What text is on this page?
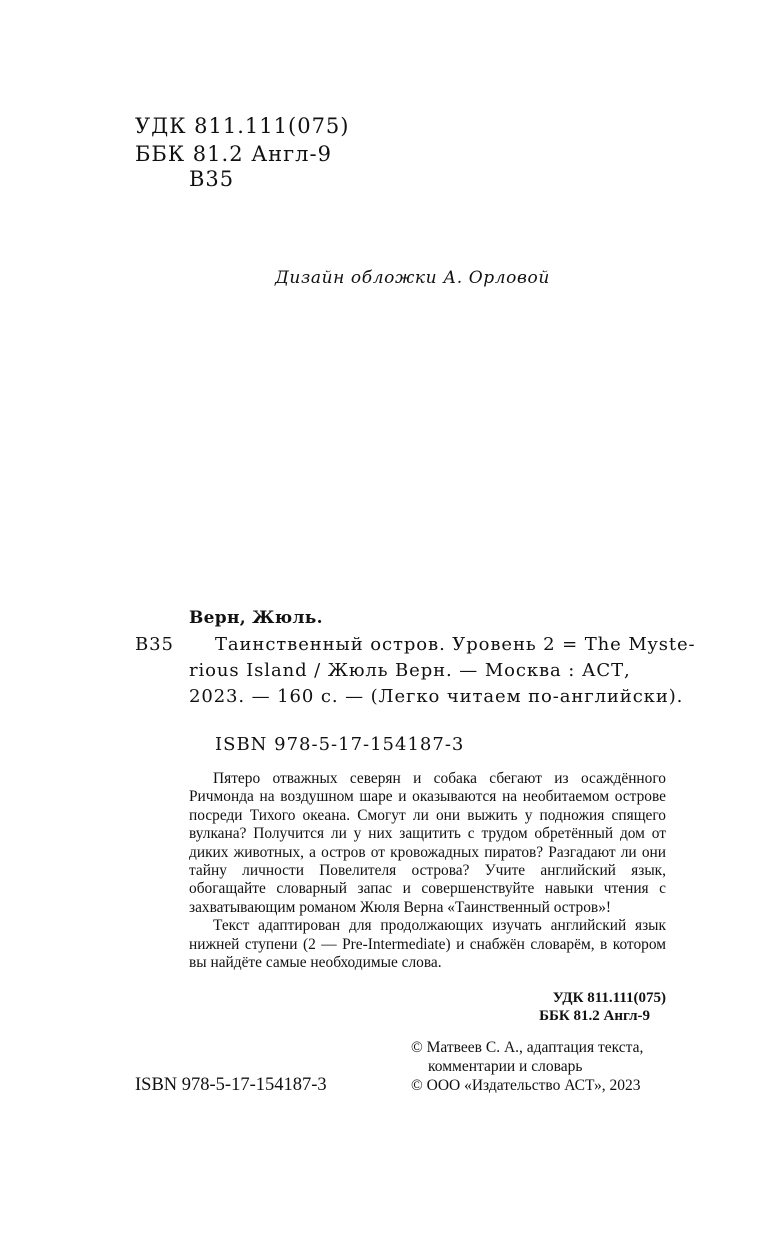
УДК 811.111(075)
ББК 81.2 Англ-9
В35
Дизайн обложки А. Орловой
Верн, Жюль.
В35 Таинственный остров. Уровень 2 = The Myste-
rious Island / Жюль Верн. — Москва : АСТ,
2023. — 160 с. — (Легко читаем по-английски).
ISBN 978-5-17-154187-3

Пятеро отважных северян и собака сбегают из осаждённого Ричмонда на воздушном шаре и оказываются на необитаемом острове посреди Тихого океана. Смогут ли они выжить у подножия спящего вулкана? Получится ли у них защитить с трудом обретённый дом от диких животных, а остров от кровожадных пиратов? Разгадают ли они тайну личности Повелителя острова? Учите английский язык, обогащайте словарный запас и совершенствуйте навыки чтения с захватывающим романом Жюля Верна «Таинственный остров»!

Текст адаптирован для продолжающих изучать английский язык нижней ступени (2 — Pre-Intermediate) и снабжён словарём, в котором вы найдёте самые необходимые слова.

УДК 811.111(075)
ББК 81.2 Англ-9
© Матвеев С. А., адаптация текста,
комментарии и словарь
© ООО «Издательство АСТ», 2023
ISBN 978-5-17-154187-3
